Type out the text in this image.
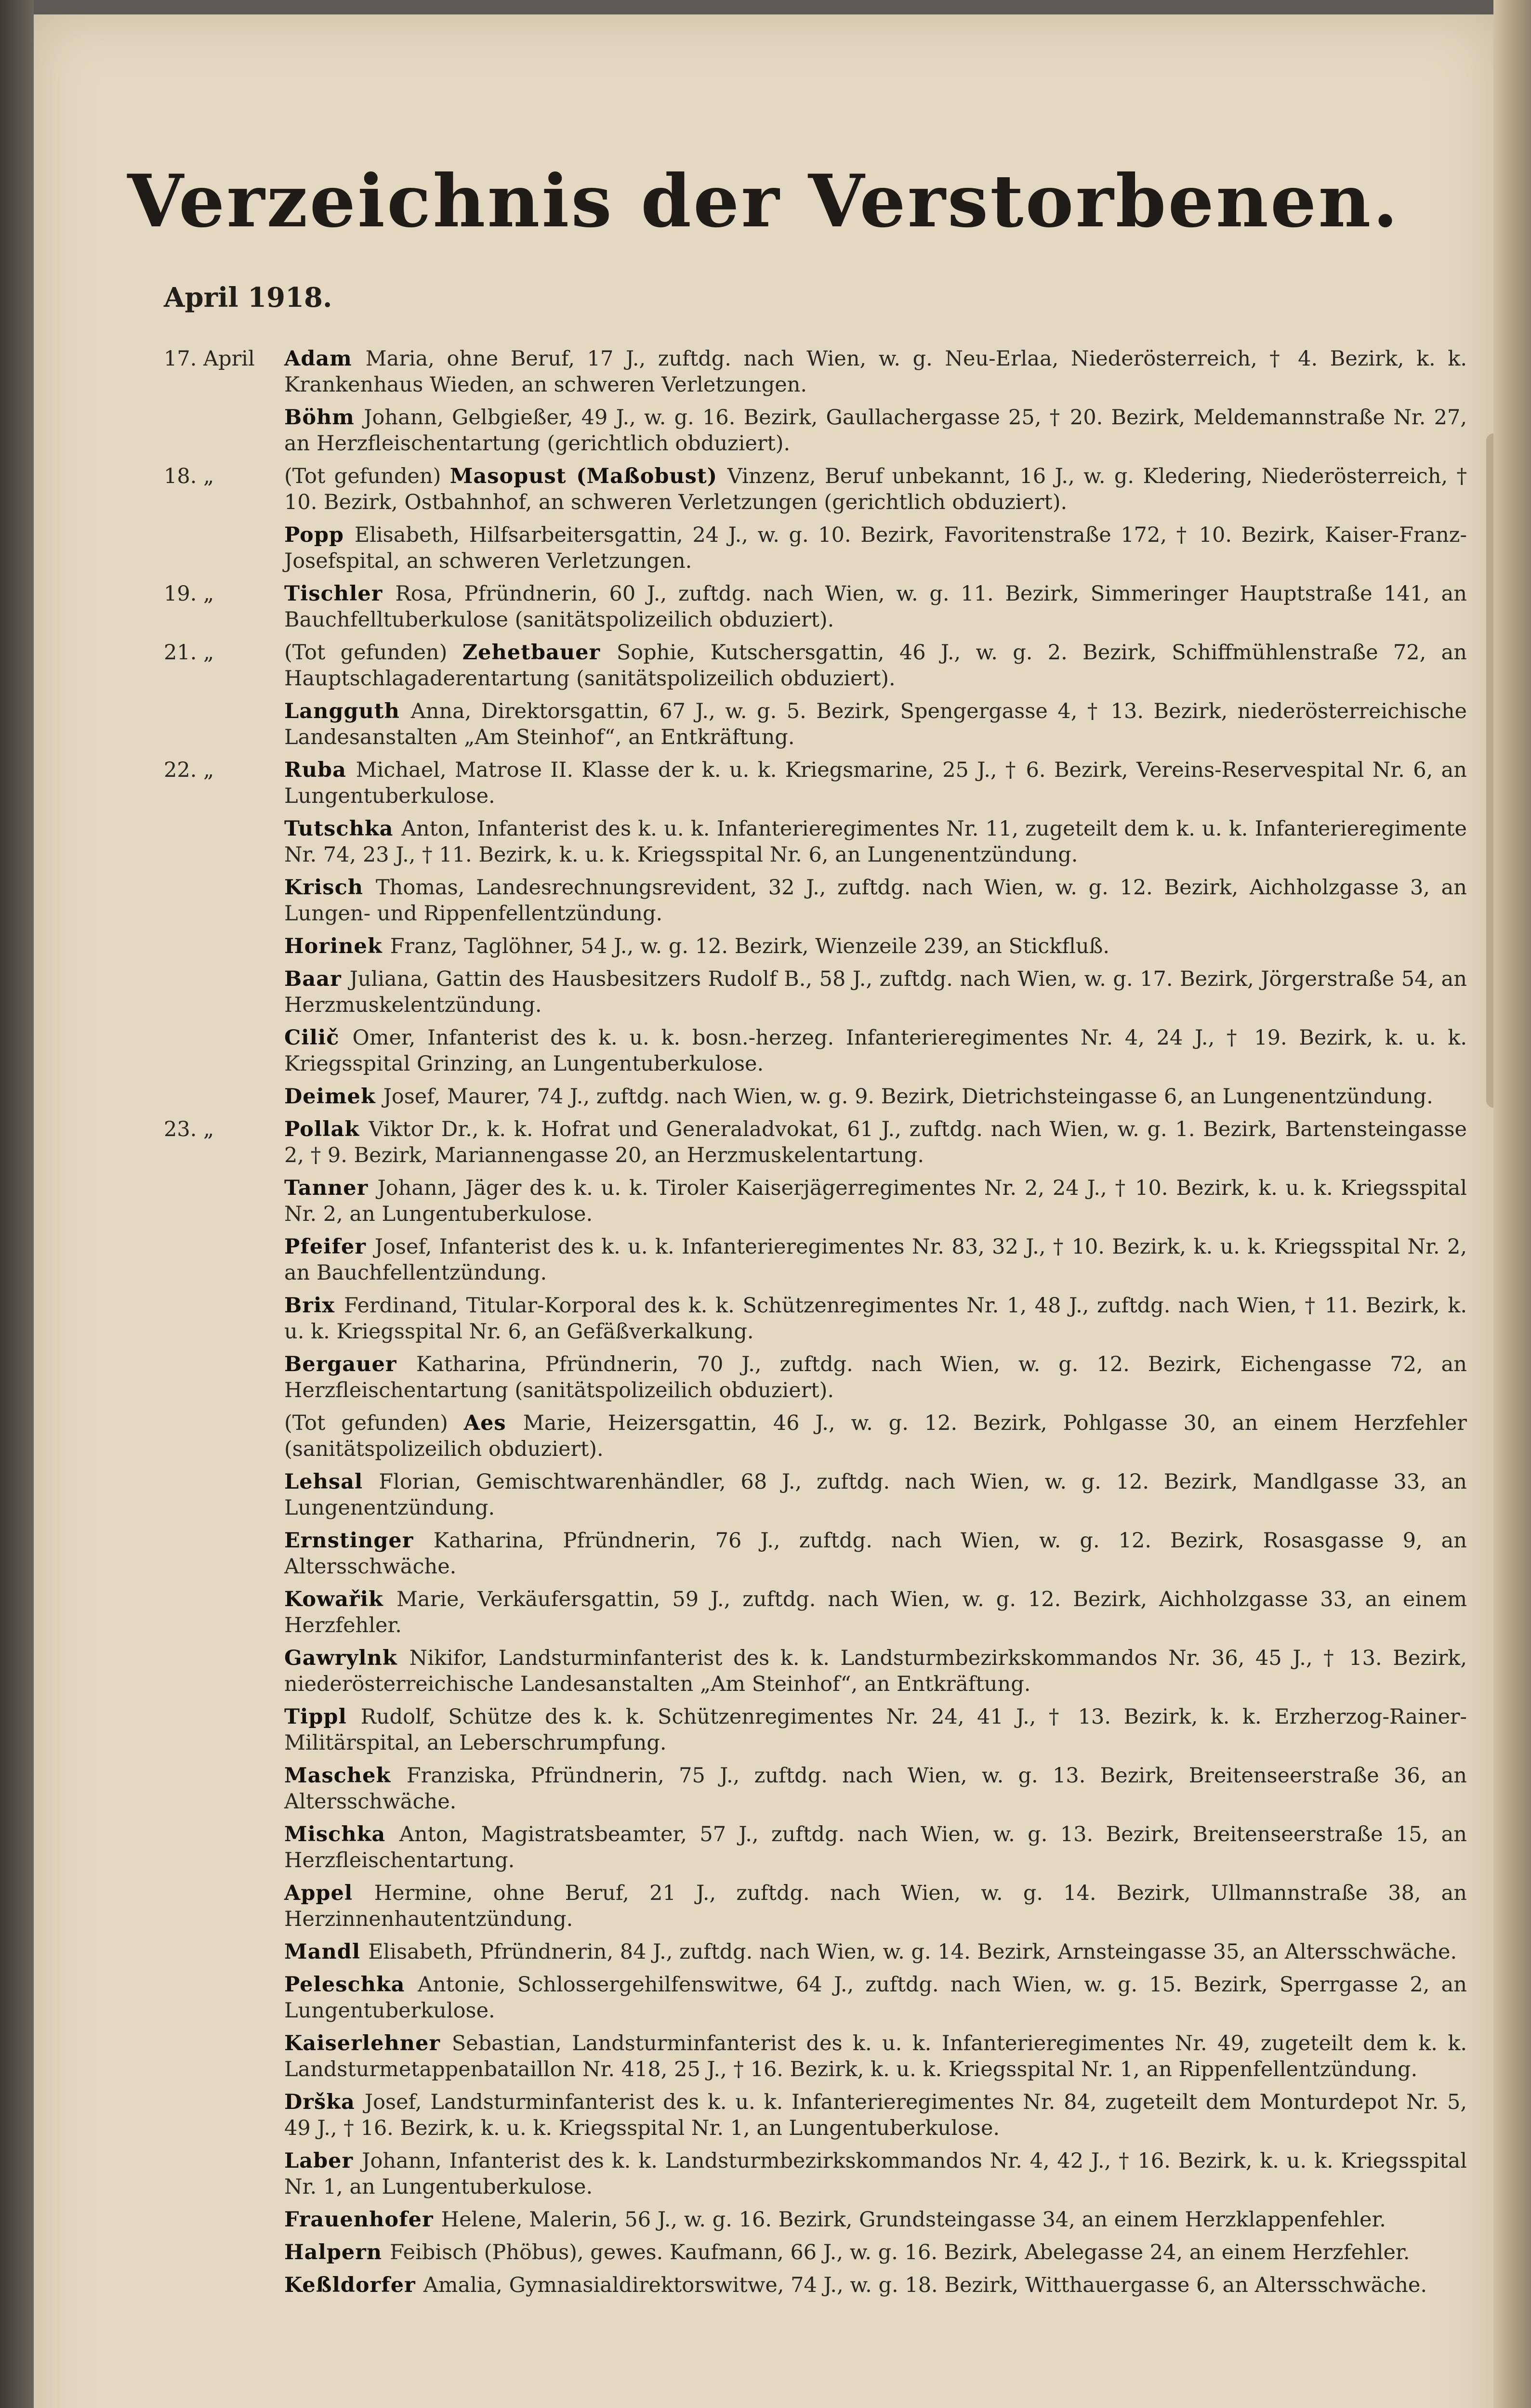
Verzeichnis der Verstorbenen.
April 1918.
17. April	Adam Maria, ohne Beruf, 17 J., zuftdg. nach Wien, w. g. Neu-Erlaa, Niederösterreich, † 4. Bezirk, k. k. Krankenhaus Wieden, an schweren Verletzungen.
Böhm Johann, Gelbgießer, 49 J., w. g. 16. Bezirk, Gaullachergasse 25, † 20. Bezirk, Meldemannstraße Nr. 27, an Herzfleischentartung (gerichtlich obduziert).
18. „	(Tot gefunden) Masopust (Maßobust) Vinzenz, Beruf unbekannt, 16 J., w. g. Kledering, Niederösterreich, † 10. Bezirk, Ostbahnhof, an schweren Verletzungen (gerichtlich obduziert).
Popp Elisabeth, Hilfsarbeitersgattin, 24 J., w. g. 10. Bezirk, Favoritenstraße 172, † 10. Bezirk, Kaiser-Franz-Josefspital, an schweren Verletzungen.
19. „	Tischler Rosa, Pfründnerin, 60 J., zuftdg. nach Wien, w. g. 11. Bezirk, Simmeringer Hauptstraße 141, an Bauchfelltuberkulose (sanitätspolizeilich obduziert).
21. „	(Tot gefunden) Zehetbauer Sophie, Kutschersgattin, 46 J., w. g. 2. Bezirk, Schiffmühlenstraße 72, an Hauptschlagaderentartung (sanitätspolizeilich obduziert).
Langguth Anna, Direktorsgattin, 67 J., w. g. 5. Bezirk, Spengergasse 4, † 13. Bezirk, niederösterreichische Landesanstalten „Am Steinhof“, an Entkräftung.
22. „	Ruba Michael, Matrose II. Klasse der k. u. k. Kriegsmarine, 25 J., † 6. Bezirk, Vereins-Reservespital Nr. 6, an Lungentuberkulose.
Tutschka Anton, Infanterist des k. u. k. Infanterieregimentes Nr. 11, zugeteilt dem k. u. k. Infanterieregimente Nr. 74, 23 J., † 11. Bezirk, k. u. k. Kriegsspital Nr. 6, an Lungenentzündung.
Krisch Thomas, Landesrechnungsrevident, 32 J., zuftdg. nach Wien, w. g. 12. Bezirk, Aichholzgasse 3, an Lungen- und Rippenfellentzündung.
Horinek Franz, Taglöhner, 54 J., w. g. 12. Bezirk, Wienzeile 239, an Stickfluß.
Baar Juliana, Gattin des Hausbesitzers Rudolf B., 58 J., zuftdg. nach Wien, w. g. 17. Bezirk, Jörgerstraße 54, an Herzmuskelentzündung.
Cilič Omer, Infanterist des k. u. k. bosn.-herzeg. Infanterieregimentes Nr. 4, 24 J., † 19. Bezirk, k. u. k. Kriegsspital Grinzing, an Lungentuberkulose.
Deimek Josef, Maurer, 74 J., zuftdg. nach Wien, w. g. 9. Bezirk, Dietrichsteingasse 6, an Lungenentzündung.
23. „	Pollak Viktor Dr., k. k. Hofrat und Generaladvokat, 61 J., zuftdg. nach Wien, w. g. 1. Bezirk, Bartensteingasse 2, † 9. Bezirk, Mariannengasse 20, an Herzmuskelentartung.
Tanner Johann, Jäger des k. u. k. Tiroler Kaiserjägerregimentes Nr. 2, 24 J., † 10. Bezirk, k. u. k. Kriegsspital Nr. 2, an Lungentuberkulose.
Pfeifer Josef, Infanterist des k. u. k. Infanterieregimentes Nr. 83, 32 J., † 10. Bezirk, k. u. k. Kriegsspital Nr. 2, an Bauchfellentzündung.
Brix Ferdinand, Titular-Korporal des k. k. Schützenregimentes Nr. 1, 48 J., zuftdg. nach Wien, † 11. Bezirk, k. u. k. Kriegsspital Nr. 6, an Gefäßverkalkung.
Bergauer Katharina, Pfründnerin, 70 J., zuftdg. nach Wien, w. g. 12. Bezirk, Eichengasse 72, an Herzfleischentartung (sanitätspolizeilich obduziert).
(Tot gefunden) Aes Marie, Heizersgattin, 46 J., w. g. 12. Bezirk, Pohlgasse 30, an einem Herzfehler (sanitätspolizeilich obduziert).
Lehsal Florian, Gemischtwarenhändler, 68 J., zuftdg. nach Wien, w. g. 12. Bezirk, Mandlgasse 33, an Lungenentzündung.
Ernstinger Katharina, Pfründnerin, 76 J., zuftdg. nach Wien, w. g. 12. Bezirk, Rosasgasse 9, an Altersschwäche.
Kowařik Marie, Verkäufersgattin, 59 J., zuftdg. nach Wien, w. g. 12. Bezirk, Aichholzgasse 33, an einem Herzfehler.
Gawrylnk Nikifor, Landsturminfanterist des k. k. Landsturmbezirkskommandos Nr. 36, 45 J., † 13. Bezirk, niederösterreichische Landesanstalten „Am Steinhof“, an Entkräftung.
Tippl Rudolf, Schütze des k. k. Schützenregimentes Nr. 24, 41 J., † 13. Bezirk, k. k. Erzherzog-Rainer-Militärspital, an Leberschrumpfung.
Maschek Franziska, Pfründnerin, 75 J., zuftdg. nach Wien, w. g. 13. Bezirk, Breitenseerstraße 36, an Altersschwäche.
Mischka Anton, Magistratsbeamter, 57 J., zuftdg. nach Wien, w. g. 13. Bezirk, Breitenseerstraße 15, an Herzfleischentartung.
Appel Hermine, ohne Beruf, 21 J., zuftdg. nach Wien, w. g. 14. Bezirk, Ullmannstraße 38, an Herzinnenhautentzündung.
Mandl Elisabeth, Pfründnerin, 84 J., zuftdg. nach Wien, w. g. 14. Bezirk, Arnsteingasse 35, an Altersschwäche.
Peleschka Antonie, Schlossergehilfenswitwe, 64 J., zuftdg. nach Wien, w. g. 15. Bezirk, Sperrgasse 2, an Lungentuberkulose.
Kaiserlehner Sebastian, Landsturminfanterist des k. u. k. Infanterieregimentes Nr. 49, zugeteilt dem k. k. Landsturmetappenbataillon Nr. 418, 25 J., † 16. Bezirk, k. u. k. Kriegsspital Nr. 1, an Rippenfellentzündung.
Drška Josef, Landsturminfanterist des k. u. k. Infanterieregimentes Nr. 84, zugeteilt dem Monturdepot Nr. 5, 49 J., † 16. Bezirk, k. u. k. Kriegsspital Nr. 1, an Lungentuberkulose.
Laber Johann, Infanterist des k. k. Landsturmbezirkskommandos Nr. 4, 42 J., † 16. Bezirk, k. u. k. Kriegsspital Nr. 1, an Lungentuberkulose.
Frauenhofer Helene, Malerin, 56 J., w. g. 16. Bezirk, Grundsteingasse 34, an einem Herzklappenfehler.
Halpern Feibisch (Phöbus), gewes. Kaufmann, 66 J., w. g. 16. Bezirk, Abelegasse 24, an einem Herzfehler.
Keßldorfer Amalia, Gymnasialdirektorswitwe, 74 J., w. g. 18. Bezirk, Witthauergasse 6, an Altersschwäche.
